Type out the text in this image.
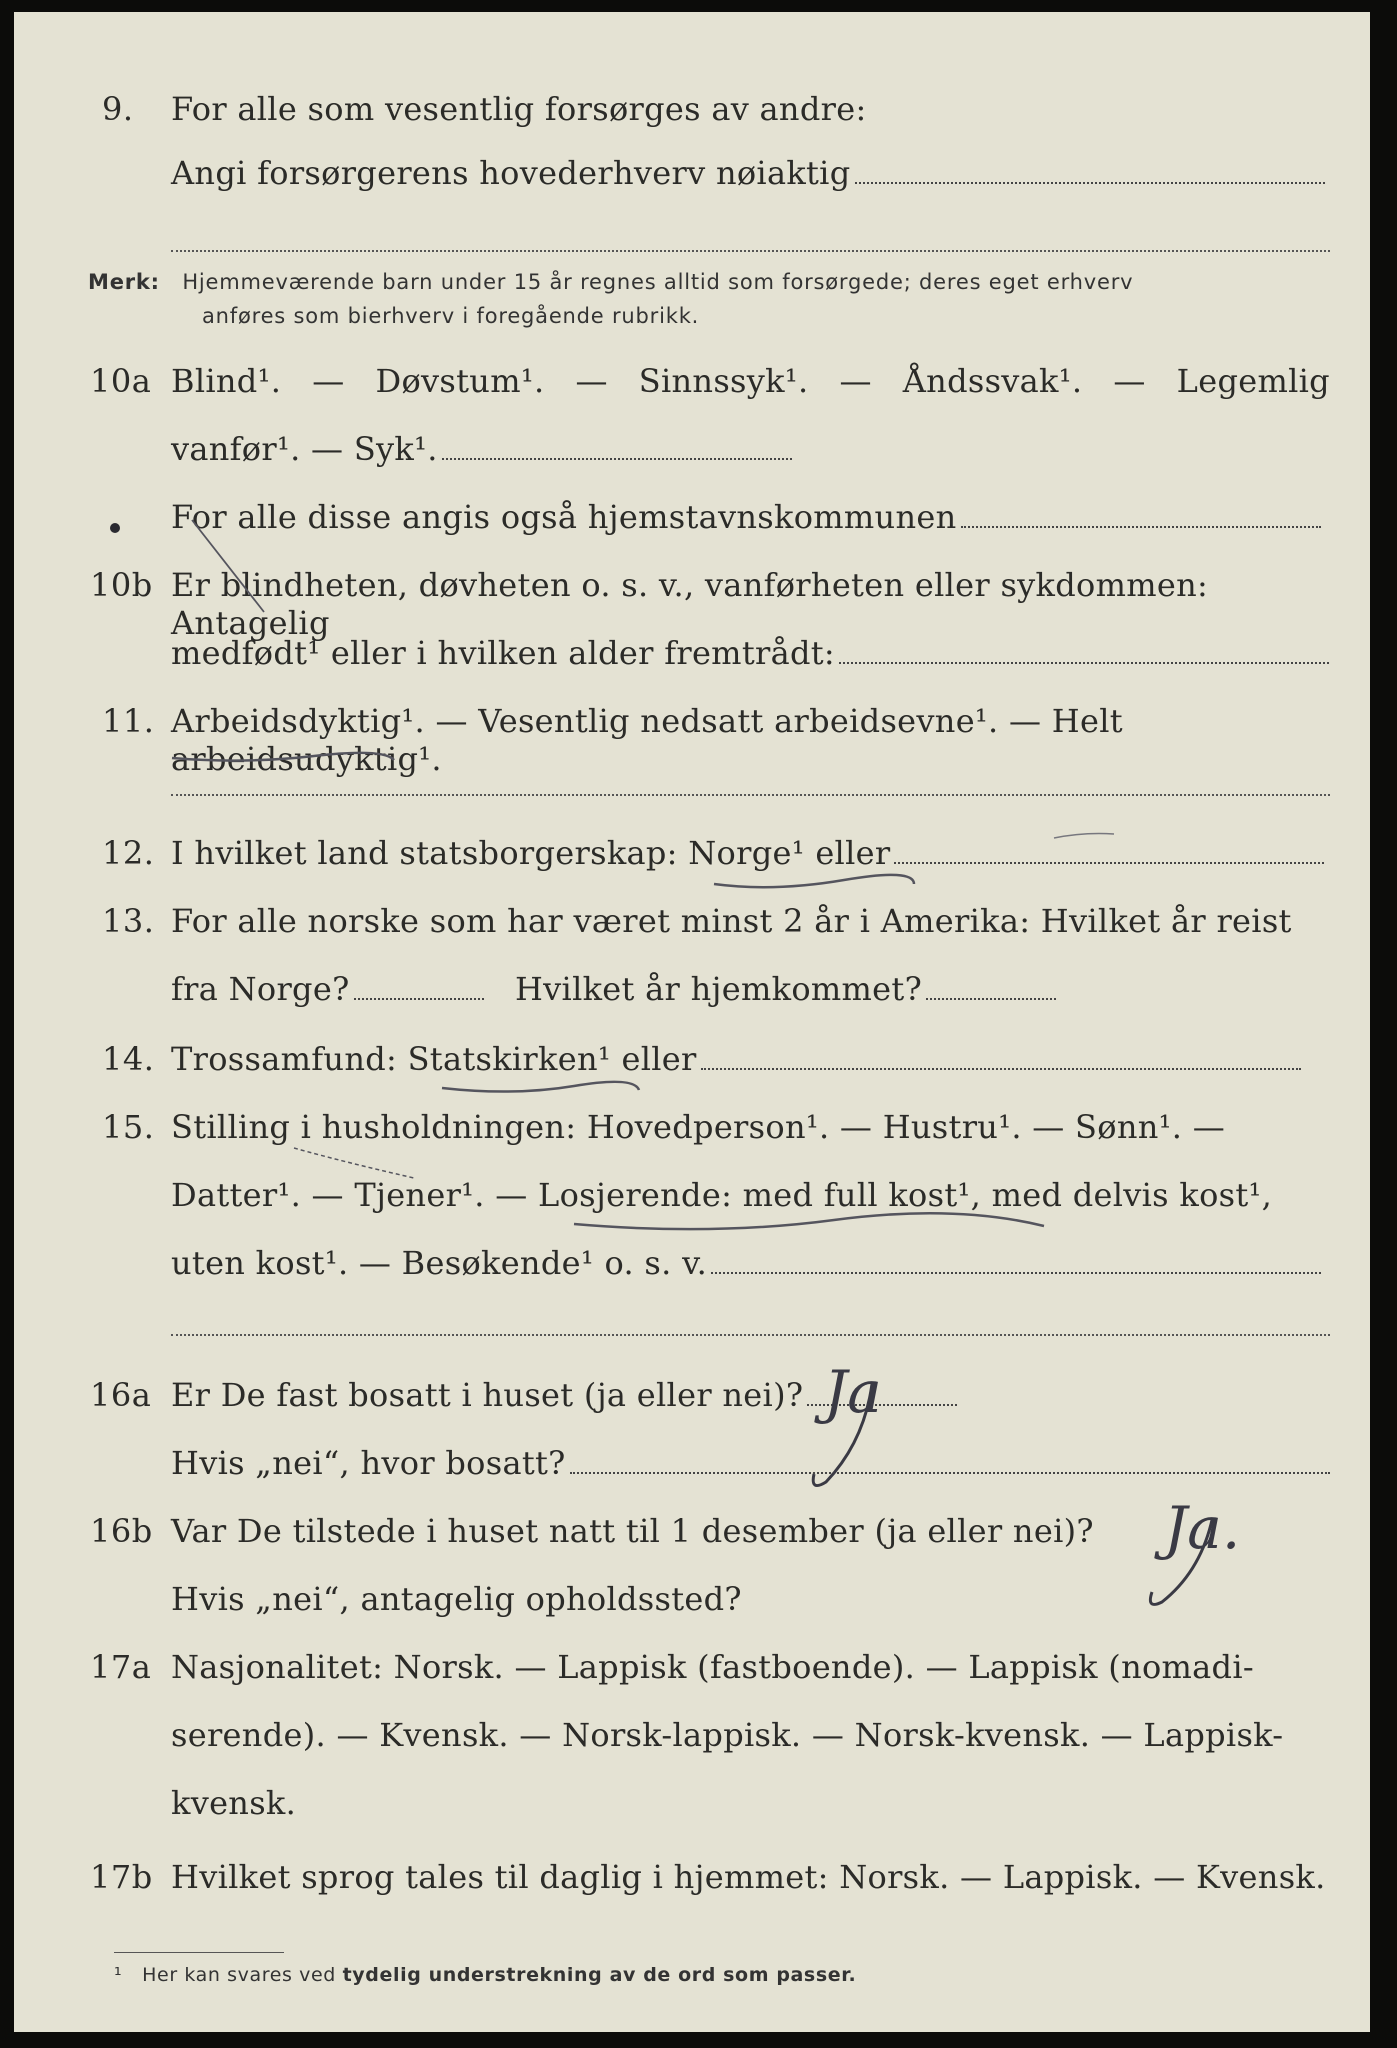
9. For alle som vesentlig forsørges av andre:
Angi forsørgerens hovederhverv nøiaktig
Merk: Hjemmeværende barn under 15 år regnes alltid som forsørgede; deres eget erhverv
anføres som bierhverv i foregående rubrikk.
10a Blind¹. — Døvstum¹. — Sinnssyk¹. — Åndssvak¹. — Legemlig
vanfør¹. — Syk¹.
For alle disse angis også hjemstavnskommunen
10b Er blindheten, døvheten o. s. v., vanførheten eller sykdommen: Antagelig
medfødt¹ eller i hvilken alder fremtrådt:
11. Arbeidsdyktig¹. — Vesentlig nedsatt arbeidsevne¹. — Helt arbeidsudyktig¹.
12. I hvilket land statsborgerskap: Norge¹ eller
13. For alle norske som har været minst 2 år i Amerika: Hvilket år reist
fra Norge?	Hvilket år hjemkommet?
14. Trossamfund: Statskirken¹ eller
15. Stilling i husholdningen: Hovedperson¹. — Hustru¹. — Sønn¹. —
Datter¹. — Tjener¹. — Losjerende: med full kost¹, med delvis kost¹,
uten kost¹. — Besøkende¹ o. s. v.
16a Er De fast bosatt i huset (ja eller nei)?
Hvis „nei“, hvor bosatt?
Ja
16b Var De tilstede i huset natt til 1 desember (ja eller nei)?
Hvis „nei“, antagelig opholdssted?
Ja.
17a Nasjonalitet: Norsk. — Lappisk (fastboende). — Lappisk (nomadi-
serende). — Kvensk. — Norsk-lappisk. — Norsk-kvensk. — Lappisk-
kvensk.
17b Hvilket sprog tales til daglig i hjemmet: Norsk. — Lappisk. — Kvensk.
¹ Her kan svares ved tydelig understrekning av de ord som passer.
